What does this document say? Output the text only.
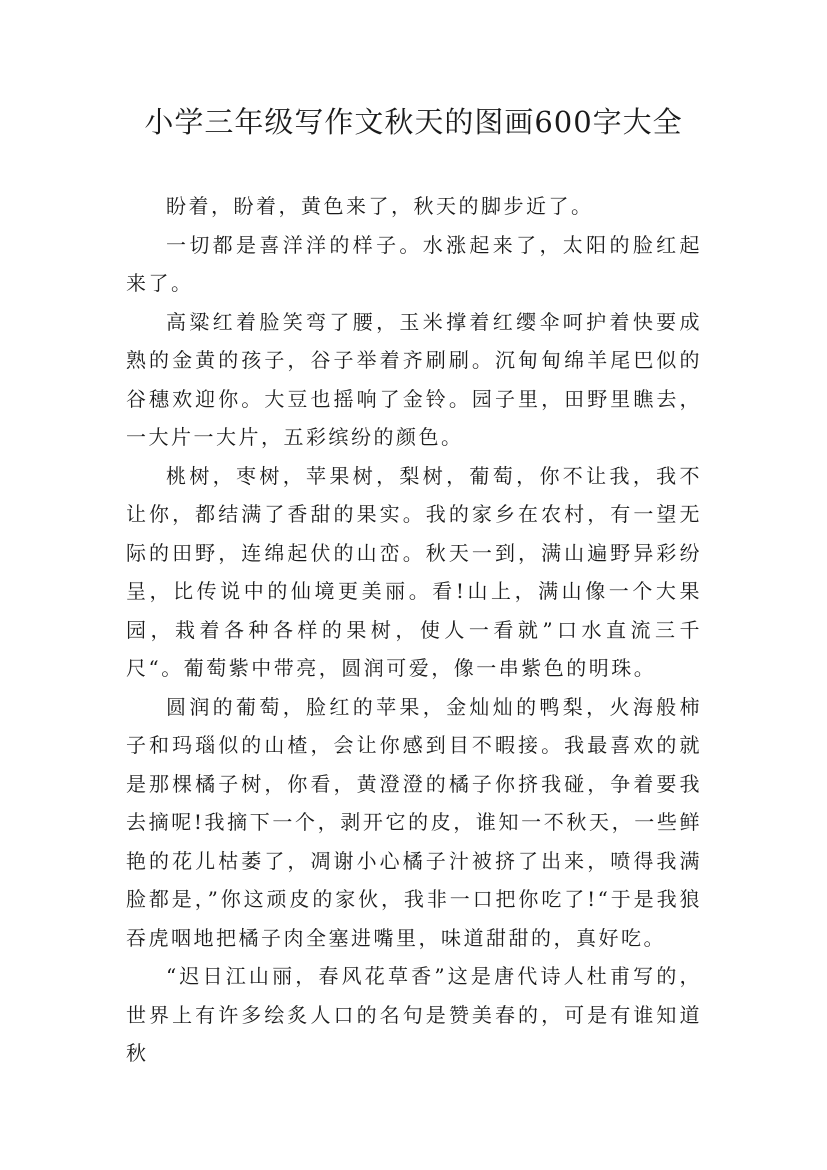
小学三年级写作文秋天的图画600字大全

盼着，盼着，黄色来了，秋天的脚步近了。

一切都是喜洋洋的样子。水涨起来了，太阳的脸红起来了。

高粱红着脸笑弯了腰，玉米撑着红缨伞呵护着快要成熟的金黄的孩子，谷子举着齐刷刷。沉甸甸绵羊尾巴似的谷穗欢迎你。大豆也摇响了金铃。园子里，田野里瞧去，一大片一大片，五彩缤纷的颜色。

桃树，枣树，苹果树，梨树，葡萄，你不让我，我不让你，都结满了香甜的果实。我的家乡在农村，有一望无际的田野，连绵起伏的山峦。秋天一到，满山遍野异彩纷呈，比传说中的仙境更美丽。看!山上，满山像一个大果园，栽着各种各样的果树，使人一看就”口水直流三千尺“。葡萄紫中带亮，圆润可爱，像一串紫色的明珠。

圆润的葡萄，脸红的苹果，金灿灿的鸭梨，火海般柿子和玛瑙似的山楂，会让你感到目不暇接。我最喜欢的就是那棵橘子树，你看，黄澄澄的橘子你挤我碰，争着要我去摘呢!我摘下一个，剥开它的皮，谁知一不秋天，一些鲜艳的花儿枯萎了，凋谢小心橘子汁被挤了出来，喷得我满脸都是，”你这顽皮的家伙，我非一口把你吃了!“于是我狼吞虎咽地把橘子肉全塞进嘴里，味道甜甜的，真好吃。

“迟日江山丽，春风花草香”这是唐代诗人杜甫写的，世界上有许多绘炙人口的名句是赞美春的，可是有谁知道秋
